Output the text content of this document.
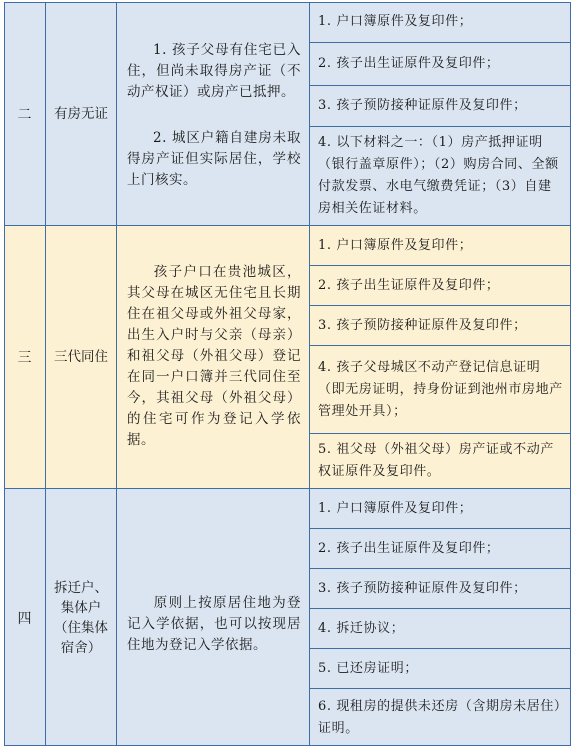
二	有房无证
1. 孩子父母有住宅已入住，但尚未取得房产证（不动产权证）或房产已抵押。
2. 城区户籍自建房未取得房产证但实际居住，学校上门核实。
1. 户口簿原件及复印件；
2. 孩子出生证原件及复印件；
3. 孩子预防接种证原件及复印件；
4. 以下材料之一：（1）房产抵押证明（银行盖章原件）；（2）购房合同、全额付款发票、水电气缴费凭证；（3）自建房相关佐证材料。
三	三代同住
孩子户口在贵池城区，其父母在城区无住宅且长期住在祖父母或外祖父母家，出生入户时与父亲（母亲）和祖父母（外祖父母）登记在同一户口簿并三代同住至今，其祖父母（外祖父母）的住宅可作为登记入学依据。
1. 户口簿原件及复印件；
2. 孩子出生证原件及复印件；
3. 孩子预防接种证原件及复印件；
4. 孩子父母城区不动产登记信息证明（即无房证明，持身份证到池州市房地产管理处开具）；
5. 祖父母（外祖父母）房产证或不动产权证原件及复印件。
四
拆迁户、集体户（住集体宿舍）
原则上按原居住地为登记入学依据，也可以按现居住地为登记入学依据。
1. 户口簿原件及复印件；
2. 孩子出生证原件及复印件；
3. 孩子预防接种证原件及复印件；
4. 拆迁协议；
5. 已还房证明；
6. 现租房的提供未还房（含期房未居住）证明。
